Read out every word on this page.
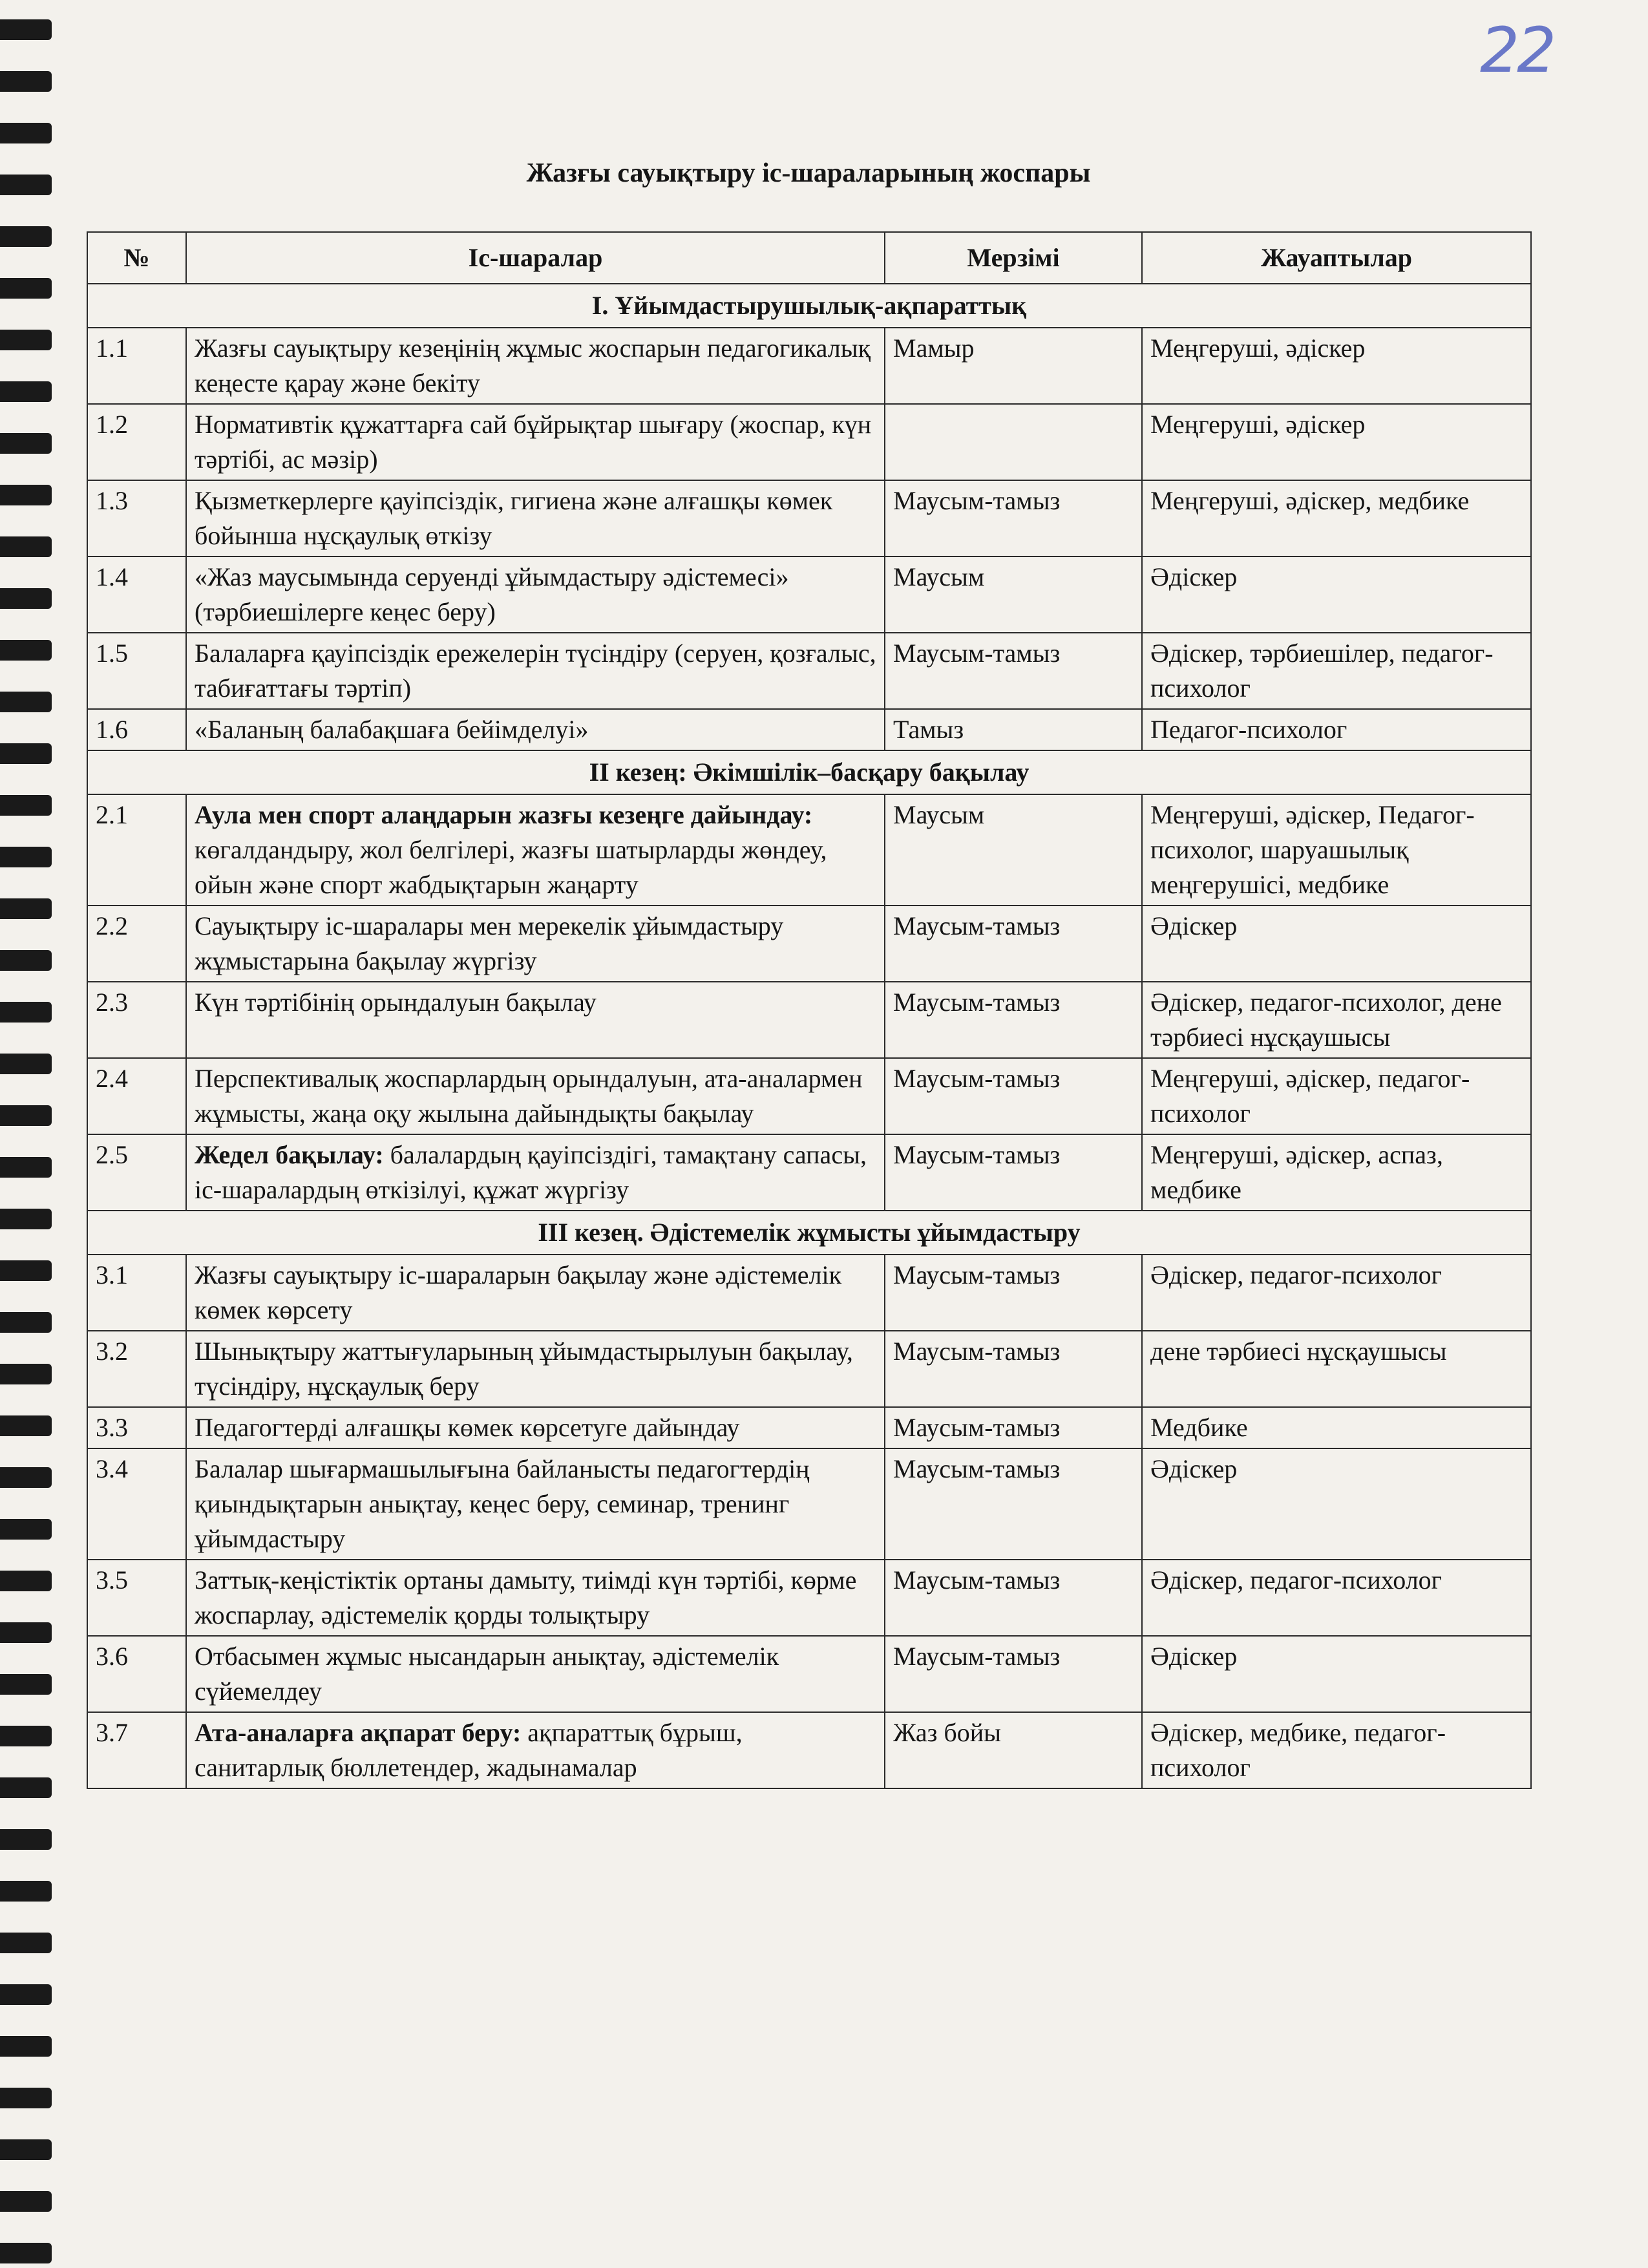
22
Жазғы сауықтыру іс-шараларының жоспары
№	Іс-шаралар	Мерзімі	Жауаптылар
І. Ұйымдастырушылық-ақпараттық			
1.1	Жазғы сауықтыру кезеңінің жұмыс жоспарын педагогикалық кеңесте қарау және бекіту	Мамыр	Меңгеруші, әдіскер
1.2	Нормативтік құжаттарға сай бұйрықтар шығару (жоспар, күн тәртібі, ас мәзір)		Меңгеруші, әдіскер
1.3	Қызметкерлерге қауіпсіздік, гигиена және алғашқы көмек бойынша нұсқаулық өткізу	Маусым-тамыз	Меңгеруші, әдіскер, медбике
1.4	«Жаз маусымында серуенді ұйымдастыру әдістемесі» (тәрбиешілерге кеңес беру)	Маусым	Әдіскер
1.5	Балаларға қауіпсіздік ережелерін түсіндіру (серуен, қозғалыс, табиғаттағы тәртіп)	Маусым-тамыз	Әдіскер, тәрбиешілер, педагог-психолог
1.6	«Баланың балабақшаға бейімделуі»	Тамыз	Педагог-психолог
ІІ кезең: Әкімшілік–басқару бақылау			
2.1	Аула мен спорт алаңдарын жазғы кезеңге дайындау: көгалдандыру, жол белгілері, жазғы шатырларды жөндеу, ойын және спорт жабдықтарын жаңарту	Маусым	Меңгеруші, әдіскер, Педагог-психолог, шаруашылық меңгерушісі, медбике
2.2	Сауықтыру іс-шаралары мен мерекелік ұйымдастыру жұмыстарына бақылау жүргізу	Маусым-тамыз	Әдіскер
2.3	Күн тәртібінің орындалуын бақылау	Маусым-тамыз	Әдіскер, педагог-психолог, дене тәрбиесі нұсқаушысы
2.4	Перспективалық жоспарлардың орындалуын, ата-аналармен жұмысты, жаңа оқу жылына дайындықты бақылау	Маусым-тамыз	Меңгеруші, әдіскер, педагог-психолог
2.5	Жедел бақылау: балалардың қауіпсіздігі, тамақтану сапасы, іс-шаралардың өткізілуі, құжат жүргізу	Маусым-тамыз	Меңгеруші, әдіскер, аспаз, медбике
ІІІ кезең. Әдістемелік жұмысты ұйымдастыру			
3.1	Жазғы сауықтыру іс-шараларын бақылау және әдістемелік көмек көрсету	Маусым-тамыз	Әдіскер, педагог-психолог
3.2	Шынықтыру жаттығуларының ұйымдастырылуын бақылау, түсіндіру, нұсқаулық беру	Маусым-тамыз	дене тәрбиесі нұсқаушысы
3.3	Педагогтерді алғашқы көмек көрсетуге дайындау	Маусым-тамыз	Медбике
3.4	Балалар шығармашылығына байланысты педагогтердің қиындықтарын анықтау, кеңес беру, семинар, тренинг ұйымдастыру	Маусым-тамыз	Әдіскер
3.5	Заттық-кеңістіктік ортаны дамыту, тиімді күн тәртібі, көрме жоспарлау, әдістемелік қорды толықтыру	Маусым-тамыз	Әдіскер, педагог-психолог
3.6	Отбасымен жұмыс нысандарын анықтау, әдістемелік сүйемелдеу	Маусым-тамыз	Әдіскер
3.7	Ата-аналарға ақпарат беру: ақпараттық бұрыш, санитарлық бюллетендер, жадынамалар	Жаз бойы	Әдіскер, медбике, педагог-психолог
